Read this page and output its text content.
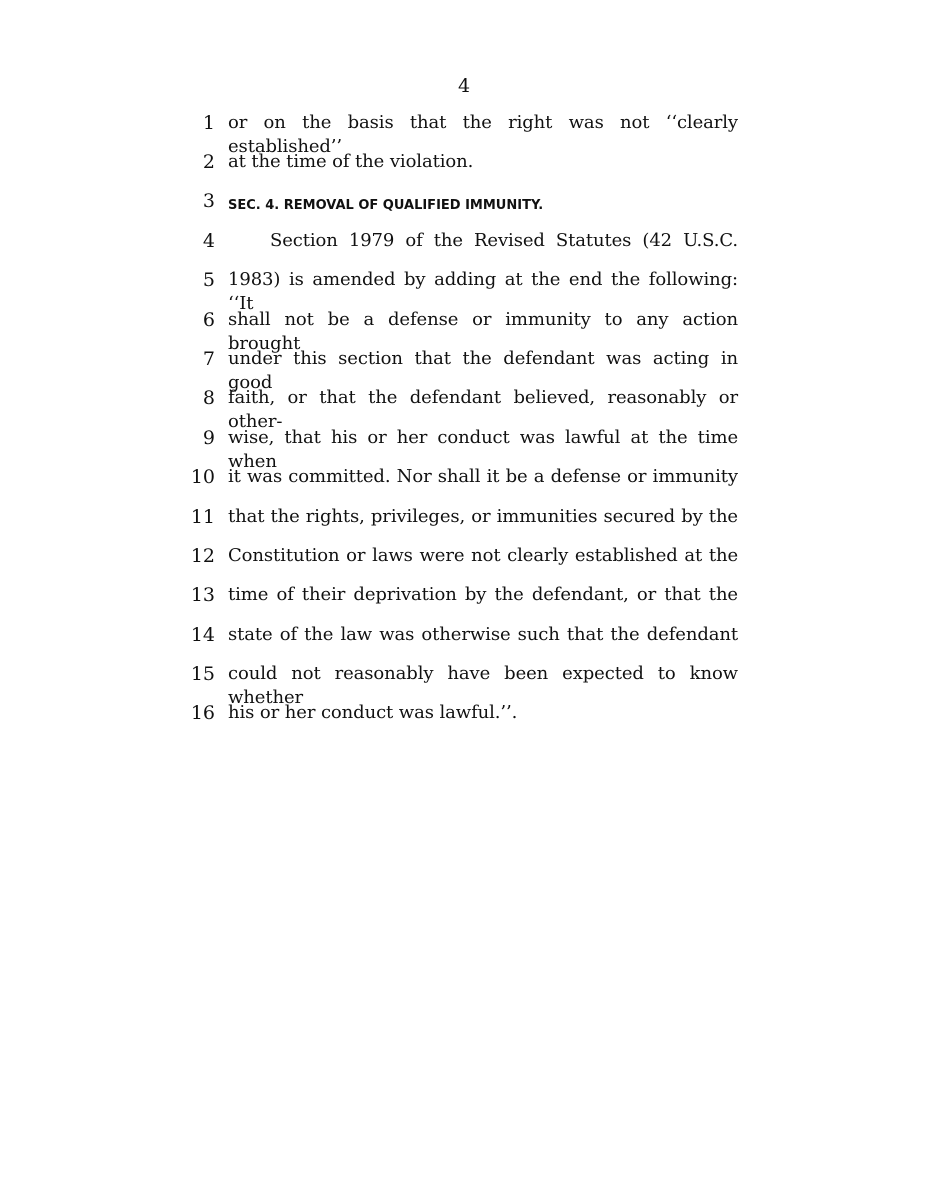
4
1 or on the basis that the right was not ‘‘clearly established’’
2 at the time of the violation.
3 SEC. 4. REMOVAL OF QUALIFIED IMMUNITY.
4	Section 1979 of the Revised Statutes (42 U.S.C.
5 1983) is amended by adding at the end the following: ‘‘It
6 shall not be a defense or immunity to any action brought
7 under this section that the defendant was acting in good
8 faith, or that the defendant believed, reasonably or other-
9 wise, that his or her conduct was lawful at the time when
10 it was committed. Nor shall it be a defense or immunity
11 that the rights, privileges, or immunities secured by the
12 Constitution or laws were not clearly established at the
13 time of their deprivation by the defendant, or that the
14 state of the law was otherwise such that the defendant
15 could not reasonably have been expected to know whether
16 his or her conduct was lawful.’’.
